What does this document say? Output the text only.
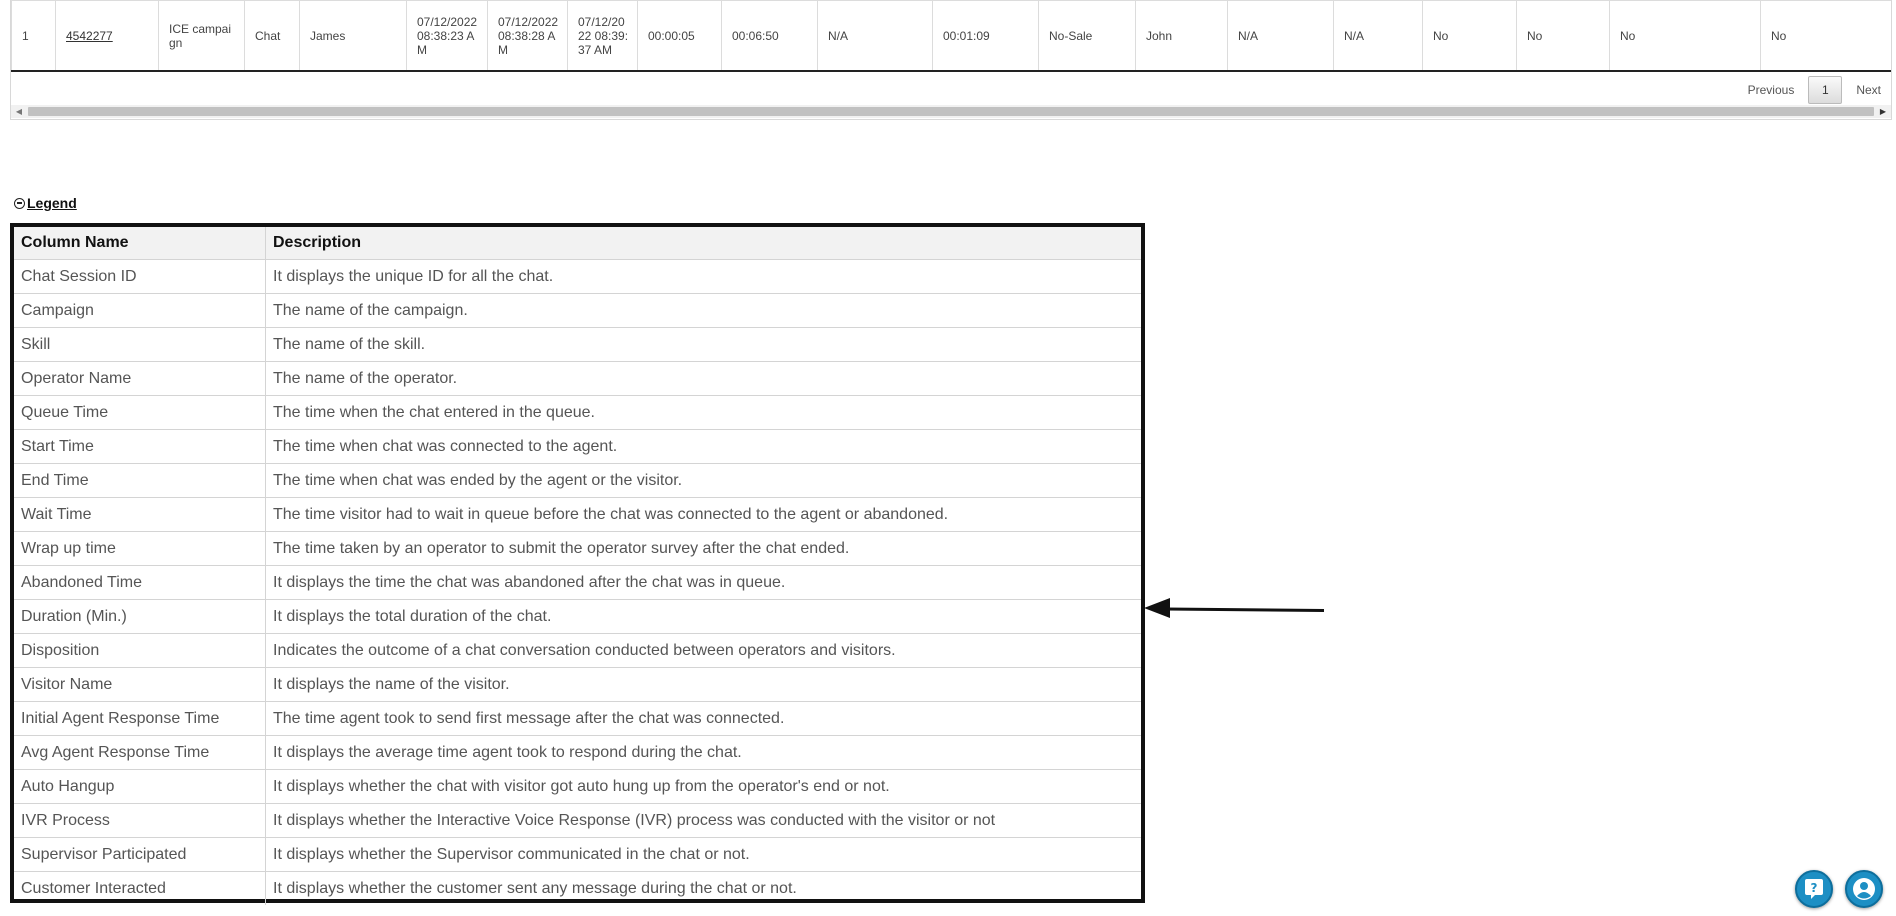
1	4542277	ICE campaign	Chat	James	07/12/2022 08:38:23 AM	07/12/2022 08:38:28 AM	07/12/2022 08:39:37 AM	00:00:05	00:06:50	N/A	00:01:09	No-Sale	John	N/A	N/A	No	No	No	No
Previous	1	Next
◀	▶
Legend
Column Name	Description
Chat Session ID	It displays the unique ID for all the chat.
Campaign	The name of the campaign.
Skill	The name of the skill.
Operator Name	The name of the operator.
Queue Time	The time when the chat entered in the queue.
Start Time	The time when chat was connected to the agent.
End Time	The time when chat was ended by the agent or the visitor.
Wait Time	The time visitor had to wait in queue before the chat was connected to the agent or abandoned.
Wrap up time	The time taken by an operator to submit the operator survey after the chat ended.
Abandoned Time	It displays the time the chat was abandoned after the chat was in queue.
Duration (Min.)	It displays the total duration of the chat.
Disposition	Indicates the outcome of a chat conversation conducted between operators and visitors.
Visitor Name	It displays the name of the visitor.
Initial Agent Response Time	The time agent took to send first message after the chat was connected.
Avg Agent Response Time	It displays the average time agent took to respond during the chat.
Auto Hangup	It displays whether the chat with visitor got auto hung up from the operator's end or not.
IVR Process	It displays whether the Interactive Voice Response (IVR) process was conducted with the visitor or not
Supervisor Participated	It displays whether the Supervisor communicated in the chat or not.
Customer Interacted	It displays whether the customer sent any message during the chat or not.	?
